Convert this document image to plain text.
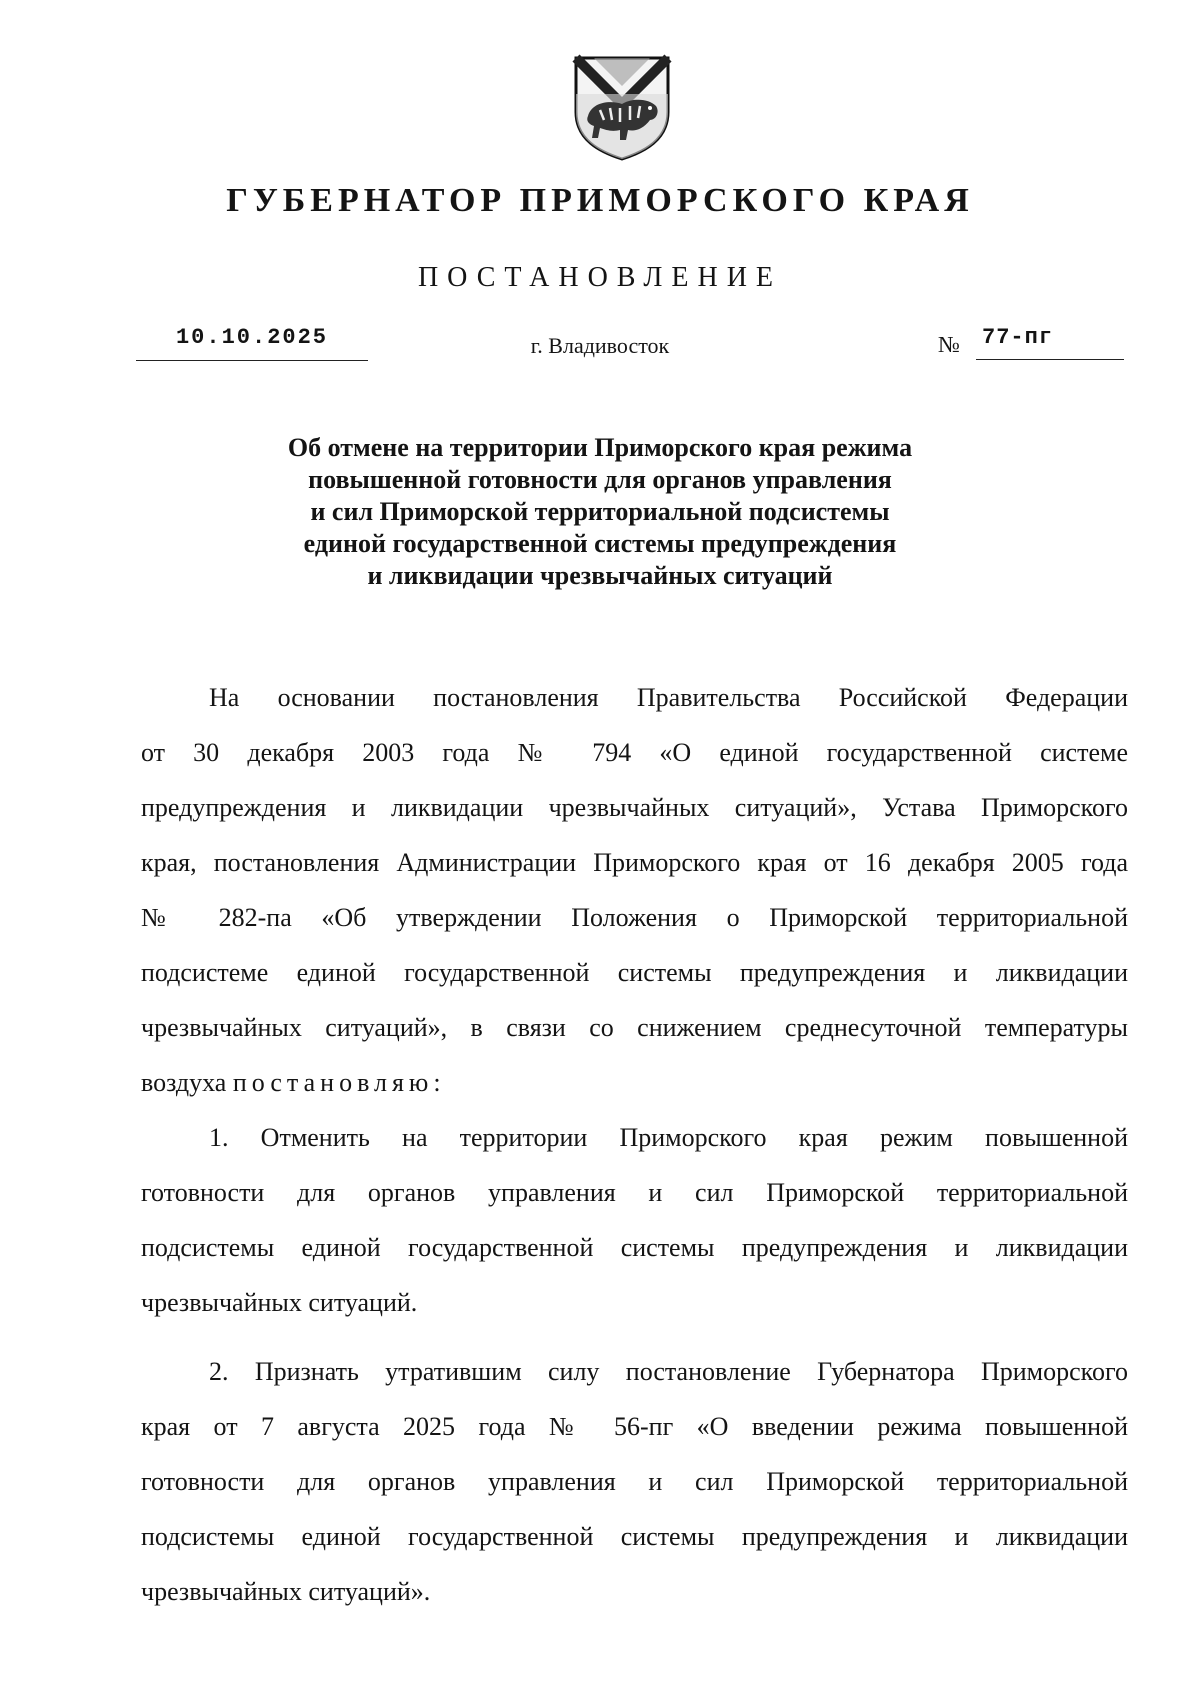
ГУБЕРНАТОР ПРИМОРСКОГО КРАЯ
ПОСТАНОВЛЕНИЕ
10.10.2025	г. Владивосток	№ 77-пг
Об отмене на территории Приморского края режима
повышенной готовности для органов управления
и сил Приморской территориальной подсистемы
единой государственной системы предупреждения
и ликвидации чрезвычайных ситуаций

На основании постановления Правительства Российской Федерации

от 30 декабря 2003 года № 794 «О единой государственной системе

предупреждения и ликвидации чрезвычайных ситуаций», Устава Приморского

края, постановления Администрации Приморского края от 16 декабря 2005 года

№ 282-па «Об утверждении Положения о Приморской территориальной

подсистеме единой государственной системы предупреждения и ликвидации

чрезвычайных ситуаций», в связи со снижением среднесуточной температуры

воздуха постановляю:

1. Отменить на территории Приморского края режим повышенной

готовности для органов управления и сил Приморской территориальной

подсистемы единой государственной системы предупреждения и ликвидации

чрезвычайных ситуаций.

2. Признать утратившим силу постановление Губернатора Приморского

края от 7 августа 2025 года № 56-пг «О введении режима повышенной

готовности для органов управления и сил Приморской территориальной

подсистемы единой государственной системы предупреждения и ликвидации

чрезвычайных ситуаций».
